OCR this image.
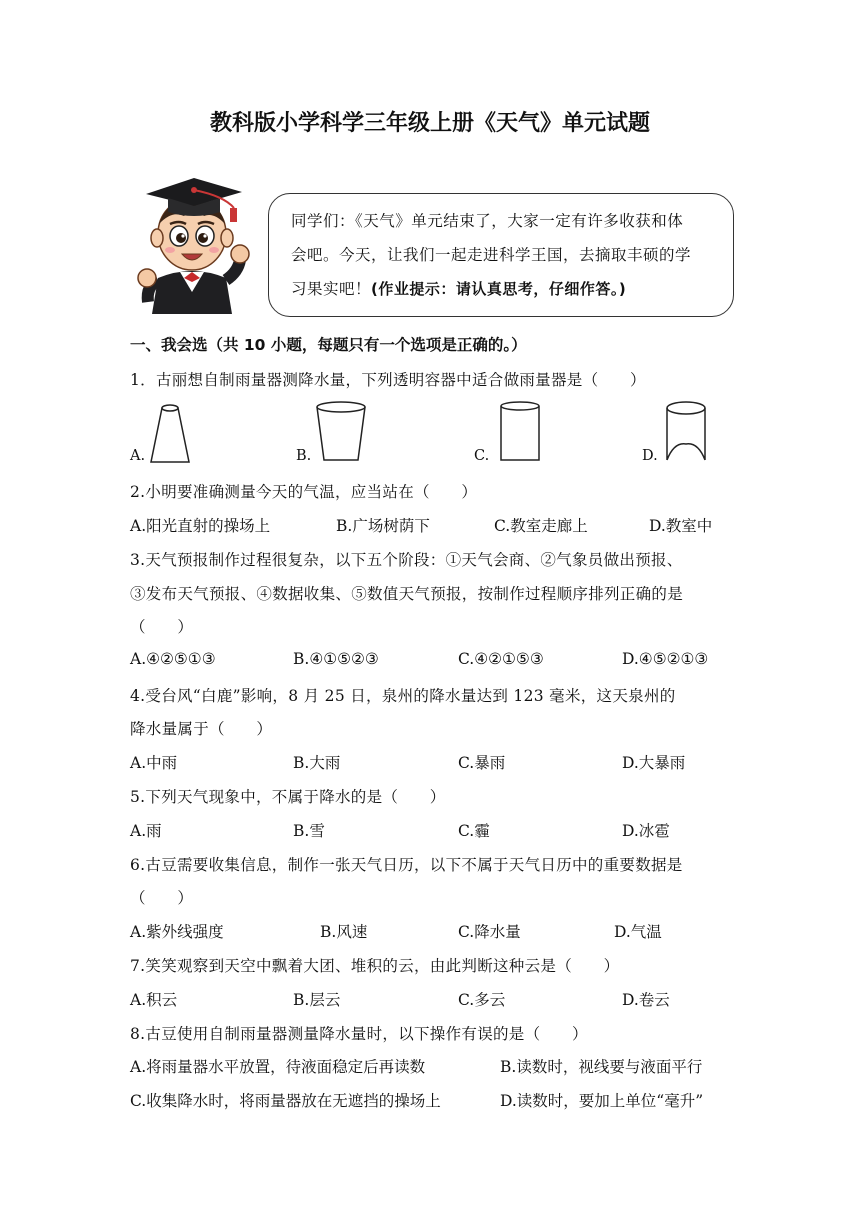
教科版小学科学三年级上册《天气》单元试题
同学们：《天气》单元结束了，大家一定有许多收获和体
会吧。今天，让我们一起走进科学王国，去摘取丰硕的学
习果实吧！(作业提示：请认真思考，仔细作答。)
一、我会选（共 10 小题，每题只有一个选项是正确的。）
1．古丽想自制雨量器测降水量，下列透明容器中适合做雨量器是（　　）
A.	B.	C.	D.
2.小明要准确测量今天的气温，应当站在（　　）
A.阳光直射的操场上	B.广场树荫下	C.教室走廊上	D.教室中
3.天气预报制作过程很复杂，以下五个阶段：①天气会商、②气象员做出预报、
③发布天气预报、④数据收集、⑤数值天气预报，按制作过程顺序排列正确的是
（　　）
A.④②⑤①③	B.④①⑤②③	C.④②①⑤③	D.④⑤②①③
4.受台风“白鹿”影响，8 月 25 日，泉州的降水量达到 123 毫米，这天泉州的
降水量属于（　　）
A.中雨	B.大雨	C.暴雨	D.大暴雨
5.下列天气现象中，不属于降水的是（　　）
A.雨	B.雪	C.霾	D.冰雹
6.古豆需要收集信息，制作一张天气日历，以下不属于天气日历中的重要数据是
（　　）
A.紫外线强度	B.风速	C.降水量	D.气温
7.笑笑观察到天空中飘着大团、堆积的云，由此判断这种云是（　　）
A.积云	B.层云	C.多云	D.卷云
8.古豆使用自制雨量器测量降水量时，以下操作有误的是（　　）
A.将雨量器水平放置，待液面稳定后再读数	B.读数时，视线要与液面平行
C.收集降水时，将雨量器放在无遮挡的操场上	D.读数时，要加上单位“毫升”
